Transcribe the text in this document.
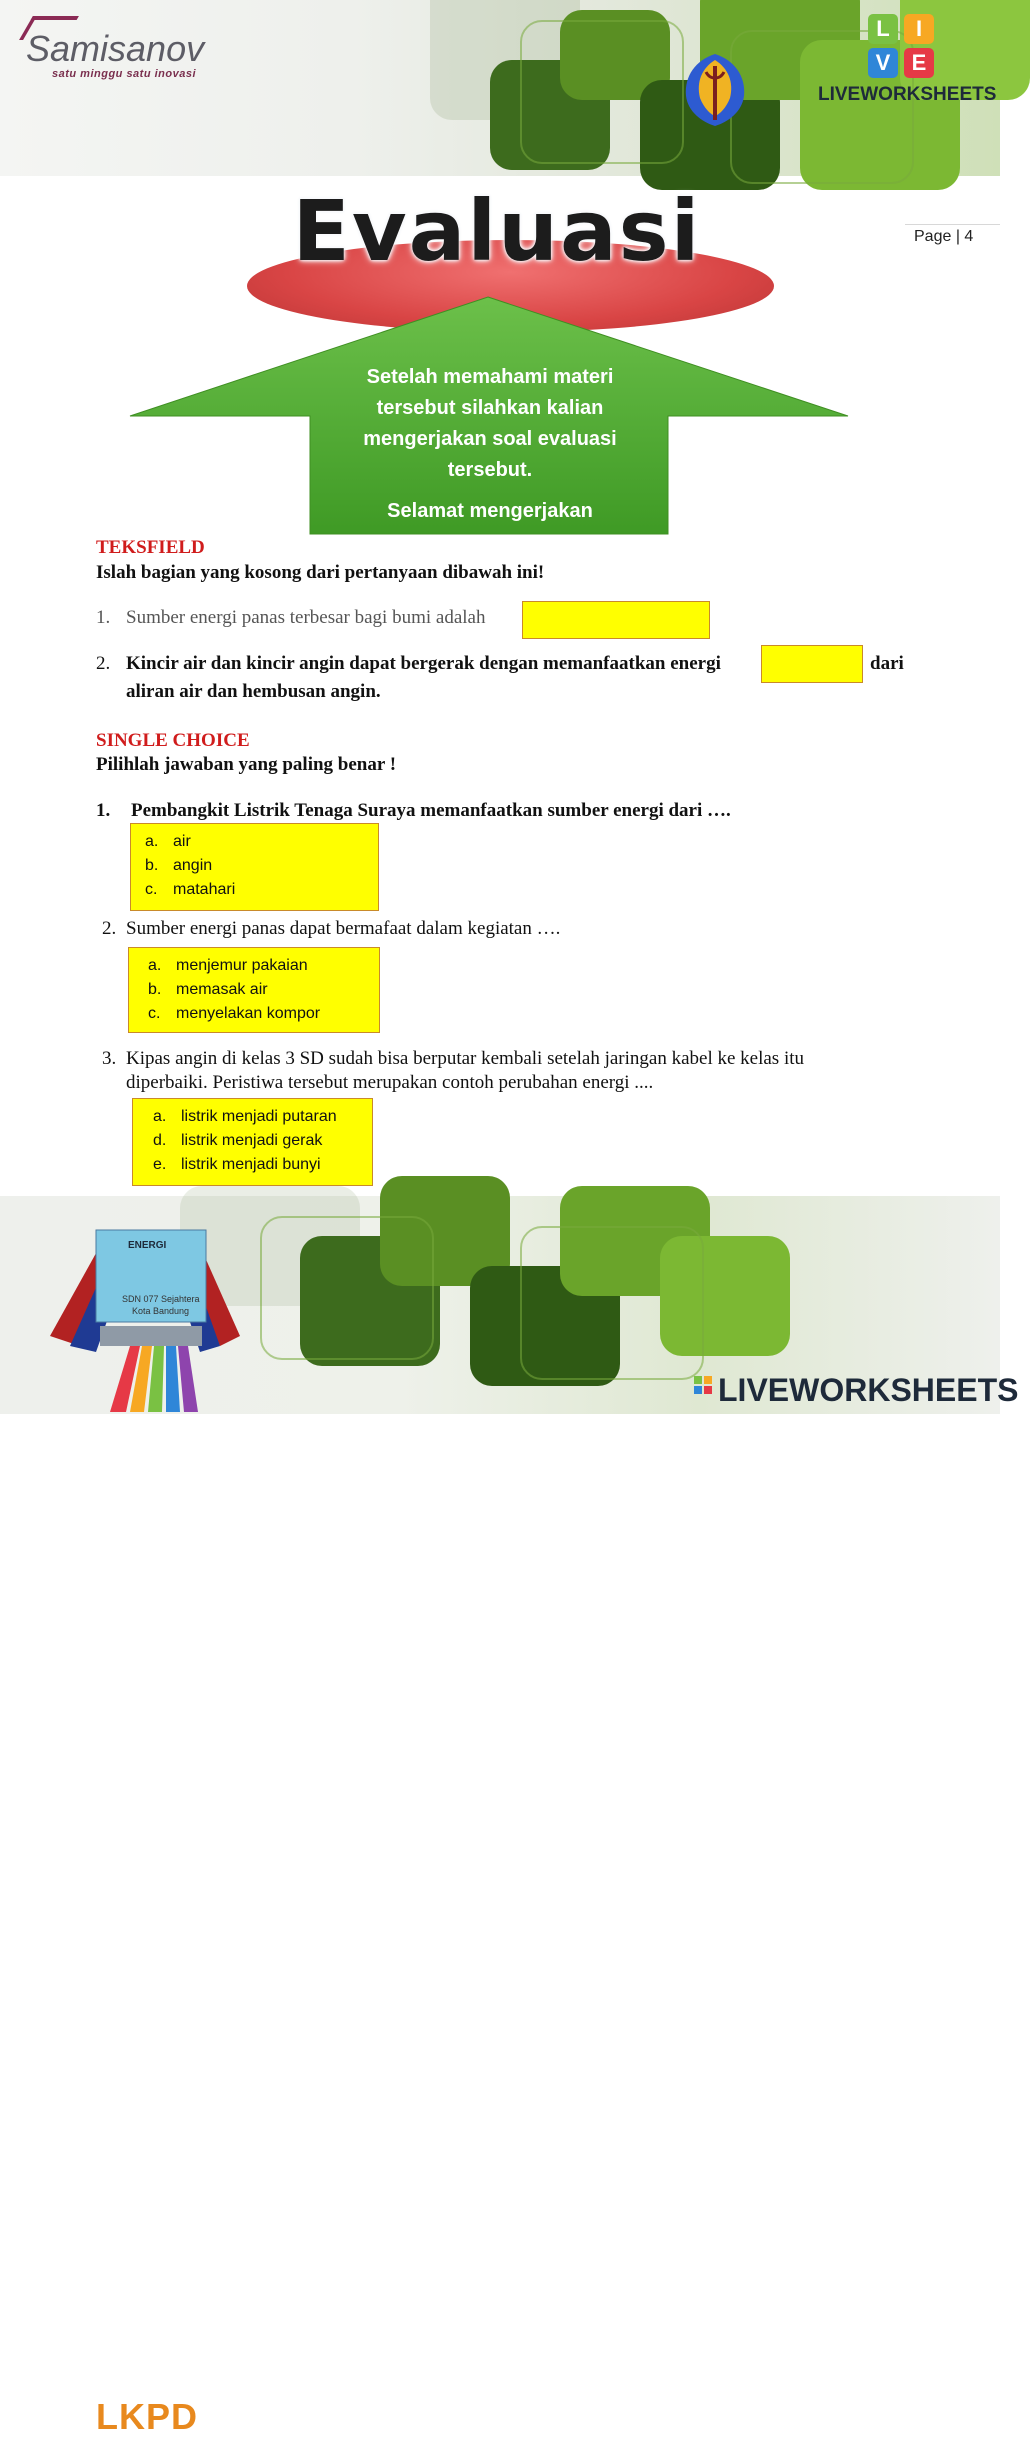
Samisanov
satu minggu satu inovasi
L	I
V E
LIVEWORKSHEETS
Page | 4
Evaluasi
Setelah memahami materi tersebut silahkan kalian mengerjakan soal evaluasi tersebut.
Selamat mengerjakan
TEKSFIELD
Islah bagian yang kosong dari pertanyaan dibawah ini!
1. Sumber energi panas terbesar bagi bumi adalah
2. Kincir air dan kincir angin dapat bergerak dengan memanfaatkan energi	dari
aliran air dan hembusan angin.
SINGLE CHOICE
Pilihlah jawaban yang paling benar !
1. Pembangkit Listrik Tenaga Suraya memanfaatkan sumber energi dari ….
a. air
b. angin
c. matahari
2. Sumber energi panas dapat bermafaat dalam kegiatan ….
a. menjemur pakaian
b. memasak air
c. menyelakan kompor
3. Kipas angin di kelas 3 SD sudah bisa berputar kembali setelah jaringan kabel ke kelas itu
diperbaiki. Peristiwa tersebut merupakan contoh perubahan energi ....
a. listrik menjadi putaran
d. listrik menjadi gerak
e. listrik menjadi bunyi
LKPD
ENERGI
SDN 077 Sejahtera
Kota Bandung
LIVEWORKSHEETS
